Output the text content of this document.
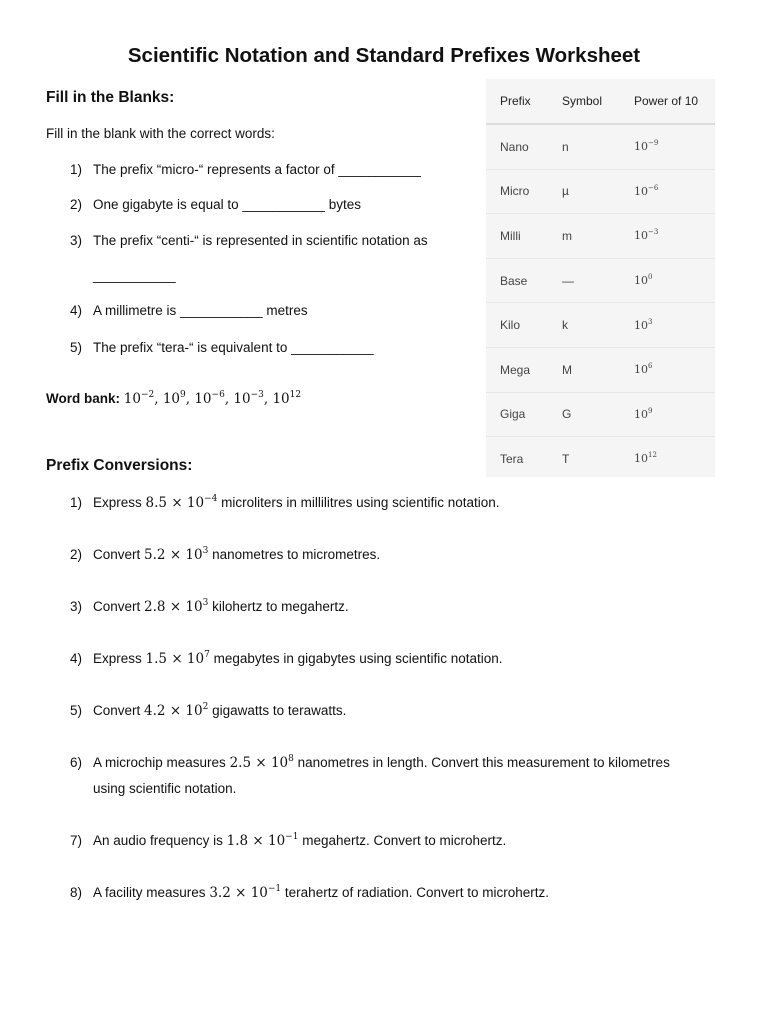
Scientific Notation and Standard Prefixes Worksheet
Fill in the Blanks:
Fill in the blank with the correct words:
1) The prefix “micro-“ represents a factor of ___________
2) One gigabyte is equal to ___________ bytes
3) The prefix “centi-“ is represented in scientific notation as
___________
4) A millimetre is ___________ metres
5) The prefix “tera-“ is equivalent to ___________
Word bank: $10^{-2}$, $10^9$, $10^{-6}$, $10^{-3}$, $10^{12}$
Prefix	Symbol	Power of 10
Nano	n	$10^{-9}$
Micro	µ	$10^{-6}$
Milli	m	$10^{-3}$
Base	—	$10^0$
Kilo	k	$10^3$
Mega	M	$10^6$
Giga	G	$10^9$
Tera	T	$10^{12}$
Prefix Conversions:
1) Express $8.5 \times 10^{-4}$ microliters in millilitres using scientific notation.
2) Convert $5.2 \times 10^3$ nanometres to micrometres.
3) Convert $2.8 \times 10^3$ kilohertz to megahertz.
4) Express $1.5 \times 10^7$ megabytes in gigabytes using scientific notation.
5) Convert $4.2 \times 10^2$ gigawatts to terawatts.
6) A microchip measures $2.5 \times 10^8$ nanometres in length. Convert this measurement to kilometres
using scientific notation.
7) An audio frequency is $1.8 \times 10^{-1}$ megahertz. Convert to microhertz.
8) A facility measures $3.2 \times 10^{-1}$ terahertz of radiation. Convert to microhertz.
